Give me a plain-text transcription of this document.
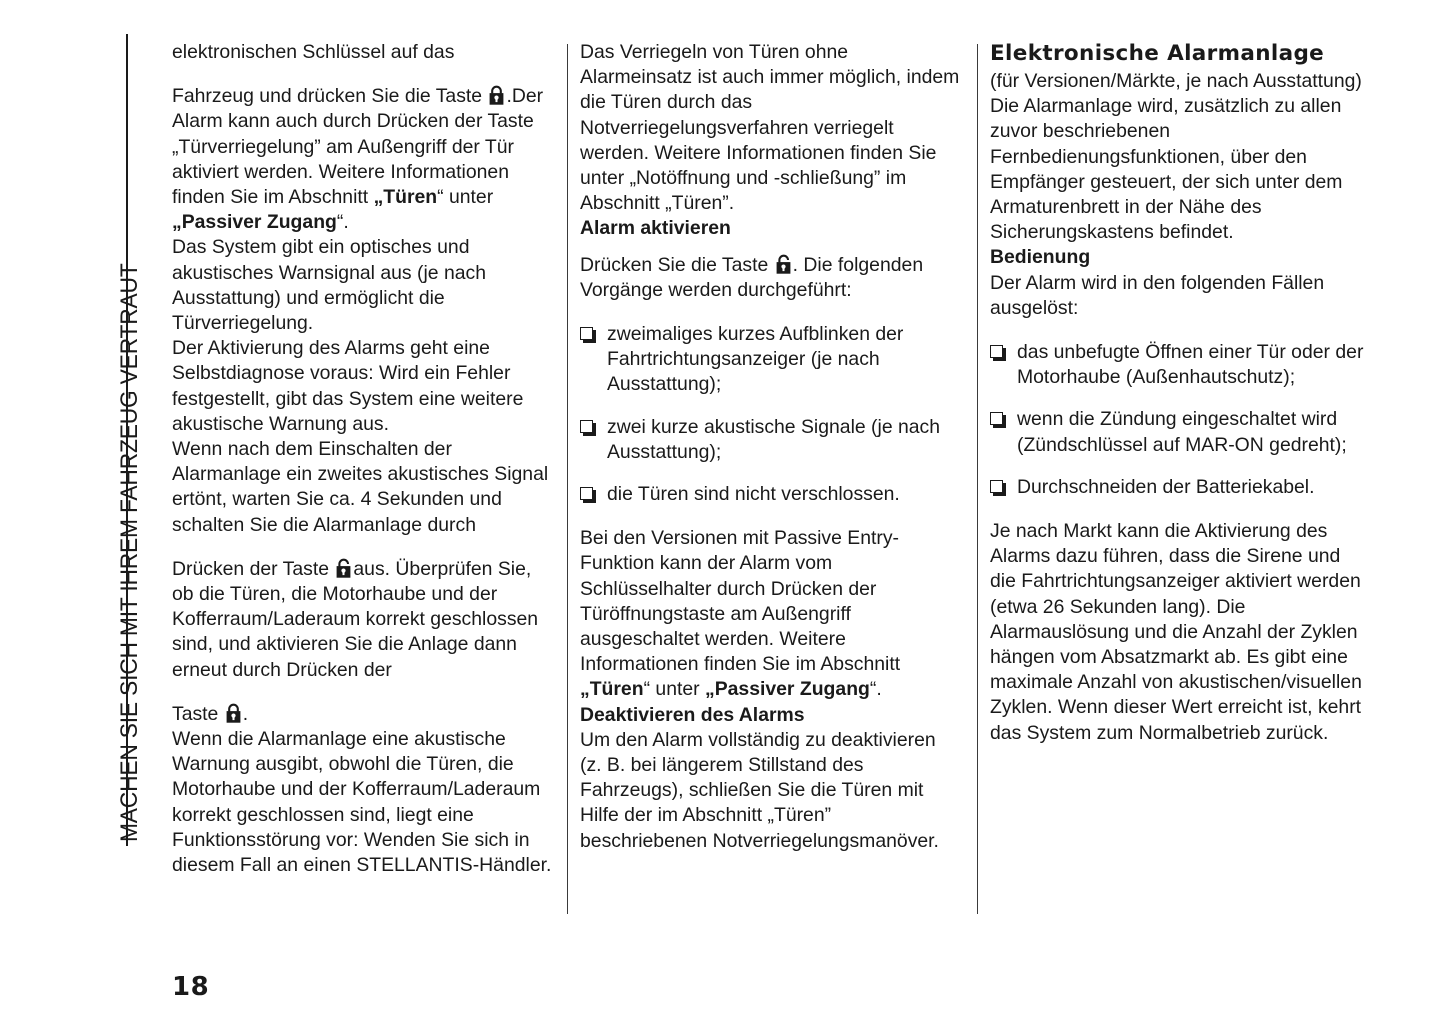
MACHEN SIE SICH MIT IHREM FAHRZEUG VERTRAUT

elektronischen Schlüssel auf das

Fahrzeug und drücken Sie die Taste
.Der Alarm kann auch durch Drücken der Taste „Türverriegelung” am Außengriff der Tür aktiviert werden. Weitere Informationen finden Sie im Abschnitt „Türen“ unter „Passiver Zugang“.

Das System gibt ein optisches und akustisches Warnsignal aus (je nach Ausstattung) und ermöglicht die Türverriegelung.

Der Aktivierung des Alarms geht eine Selbstdiagnose voraus: Wird ein Fehler festgestellt, gibt das System eine weitere akustische Warnung aus.

Wenn nach dem Einschalten der Alarmanlage ein zweites akustisches Signal ertönt, warten Sie ca. 4 Sekunden und schalten Sie die Alarmanlage durch

Drücken der Taste
aus. Überprüfen Sie, ob die Türen, die Motorhaube und der Kofferraum/Laderaum korrekt geschlossen sind, und aktivieren Sie die Anlage dann erneut durch Drücken der

Taste
.

Wenn die Alarmanlage eine akustische Warnung ausgibt, obwohl die Türen, die Motorhaube und der Kofferraum/Laderaum korrekt geschlossen sind, liegt eine Funktionsstörung vor: Wenden Sie sich in diesem Fall an einen STELLANTIS-Händler.

Das Verriegeln von Türen ohne Alarmeinsatz ist auch immer möglich, indem die Türen durch das Notverriegelungsverfahren verriegelt werden. Weitere Informationen finden Sie unter „Notöffnung und -schließung” im Abschnitt „Türen”.

Alarm aktivieren

Drücken Sie die Taste
. Die folgenden Vorgänge werden durchgeführt:

zweimaliges kurzes Aufblinken der Fahrtrichtungsanzeiger (je nach Ausstattung);
zwei kurze akustische Signale (je nach Ausstattung);
die Türen sind nicht verschlossen.

Bei den Versionen mit Passive Entry-Funktion kann der Alarm vom Schlüsselhalter durch Drücken der Türöffnungstaste am Außengriff ausgeschaltet werden. Weitere Informationen finden Sie im Abschnitt „Türen“ unter „Passiver Zugang“.

Deaktivieren des Alarms

Um den Alarm vollständig zu deaktivieren (z. B. bei längerem Stillstand des Fahrzeugs), schließen Sie die Türen mit Hilfe der im Abschnitt „Türen” beschriebenen Notverriegelungsmanöver.

Elektronische Alarmanlage

(für Versionen/Märkte, je nach Ausstattung)

Die Alarmanlage wird, zusätzlich zu allen zuvor beschriebenen Fernbedienungsfunktionen, über den Empfänger gesteuert, der sich unter dem Armaturenbrett in der Nähe des Sicherungskastens befindet.

Bedienung

Der Alarm wird in den folgenden Fällen ausgelöst:

das unbefugte Öffnen einer Tür oder der Motorhaube (Außenhautschutz);
wenn die Zündung eingeschaltet wird (Zündschlüssel auf MAR-ON gedreht);
Durchschneiden der Batteriekabel.

Je nach Markt kann die Aktivierung des Alarms dazu führen, dass die Sirene und die Fahrtrichtungsanzeiger aktiviert werden (etwa 26 Sekunden lang). Die Alarmauslösung und die Anzahl der Zyklen hängen vom Absatzmarkt ab. Es gibt eine maximale Anzahl von akustischen/visuellen Zyklen. Wenn dieser Wert erreicht ist, kehrt das System zum Normalbetrieb zurück.

18
